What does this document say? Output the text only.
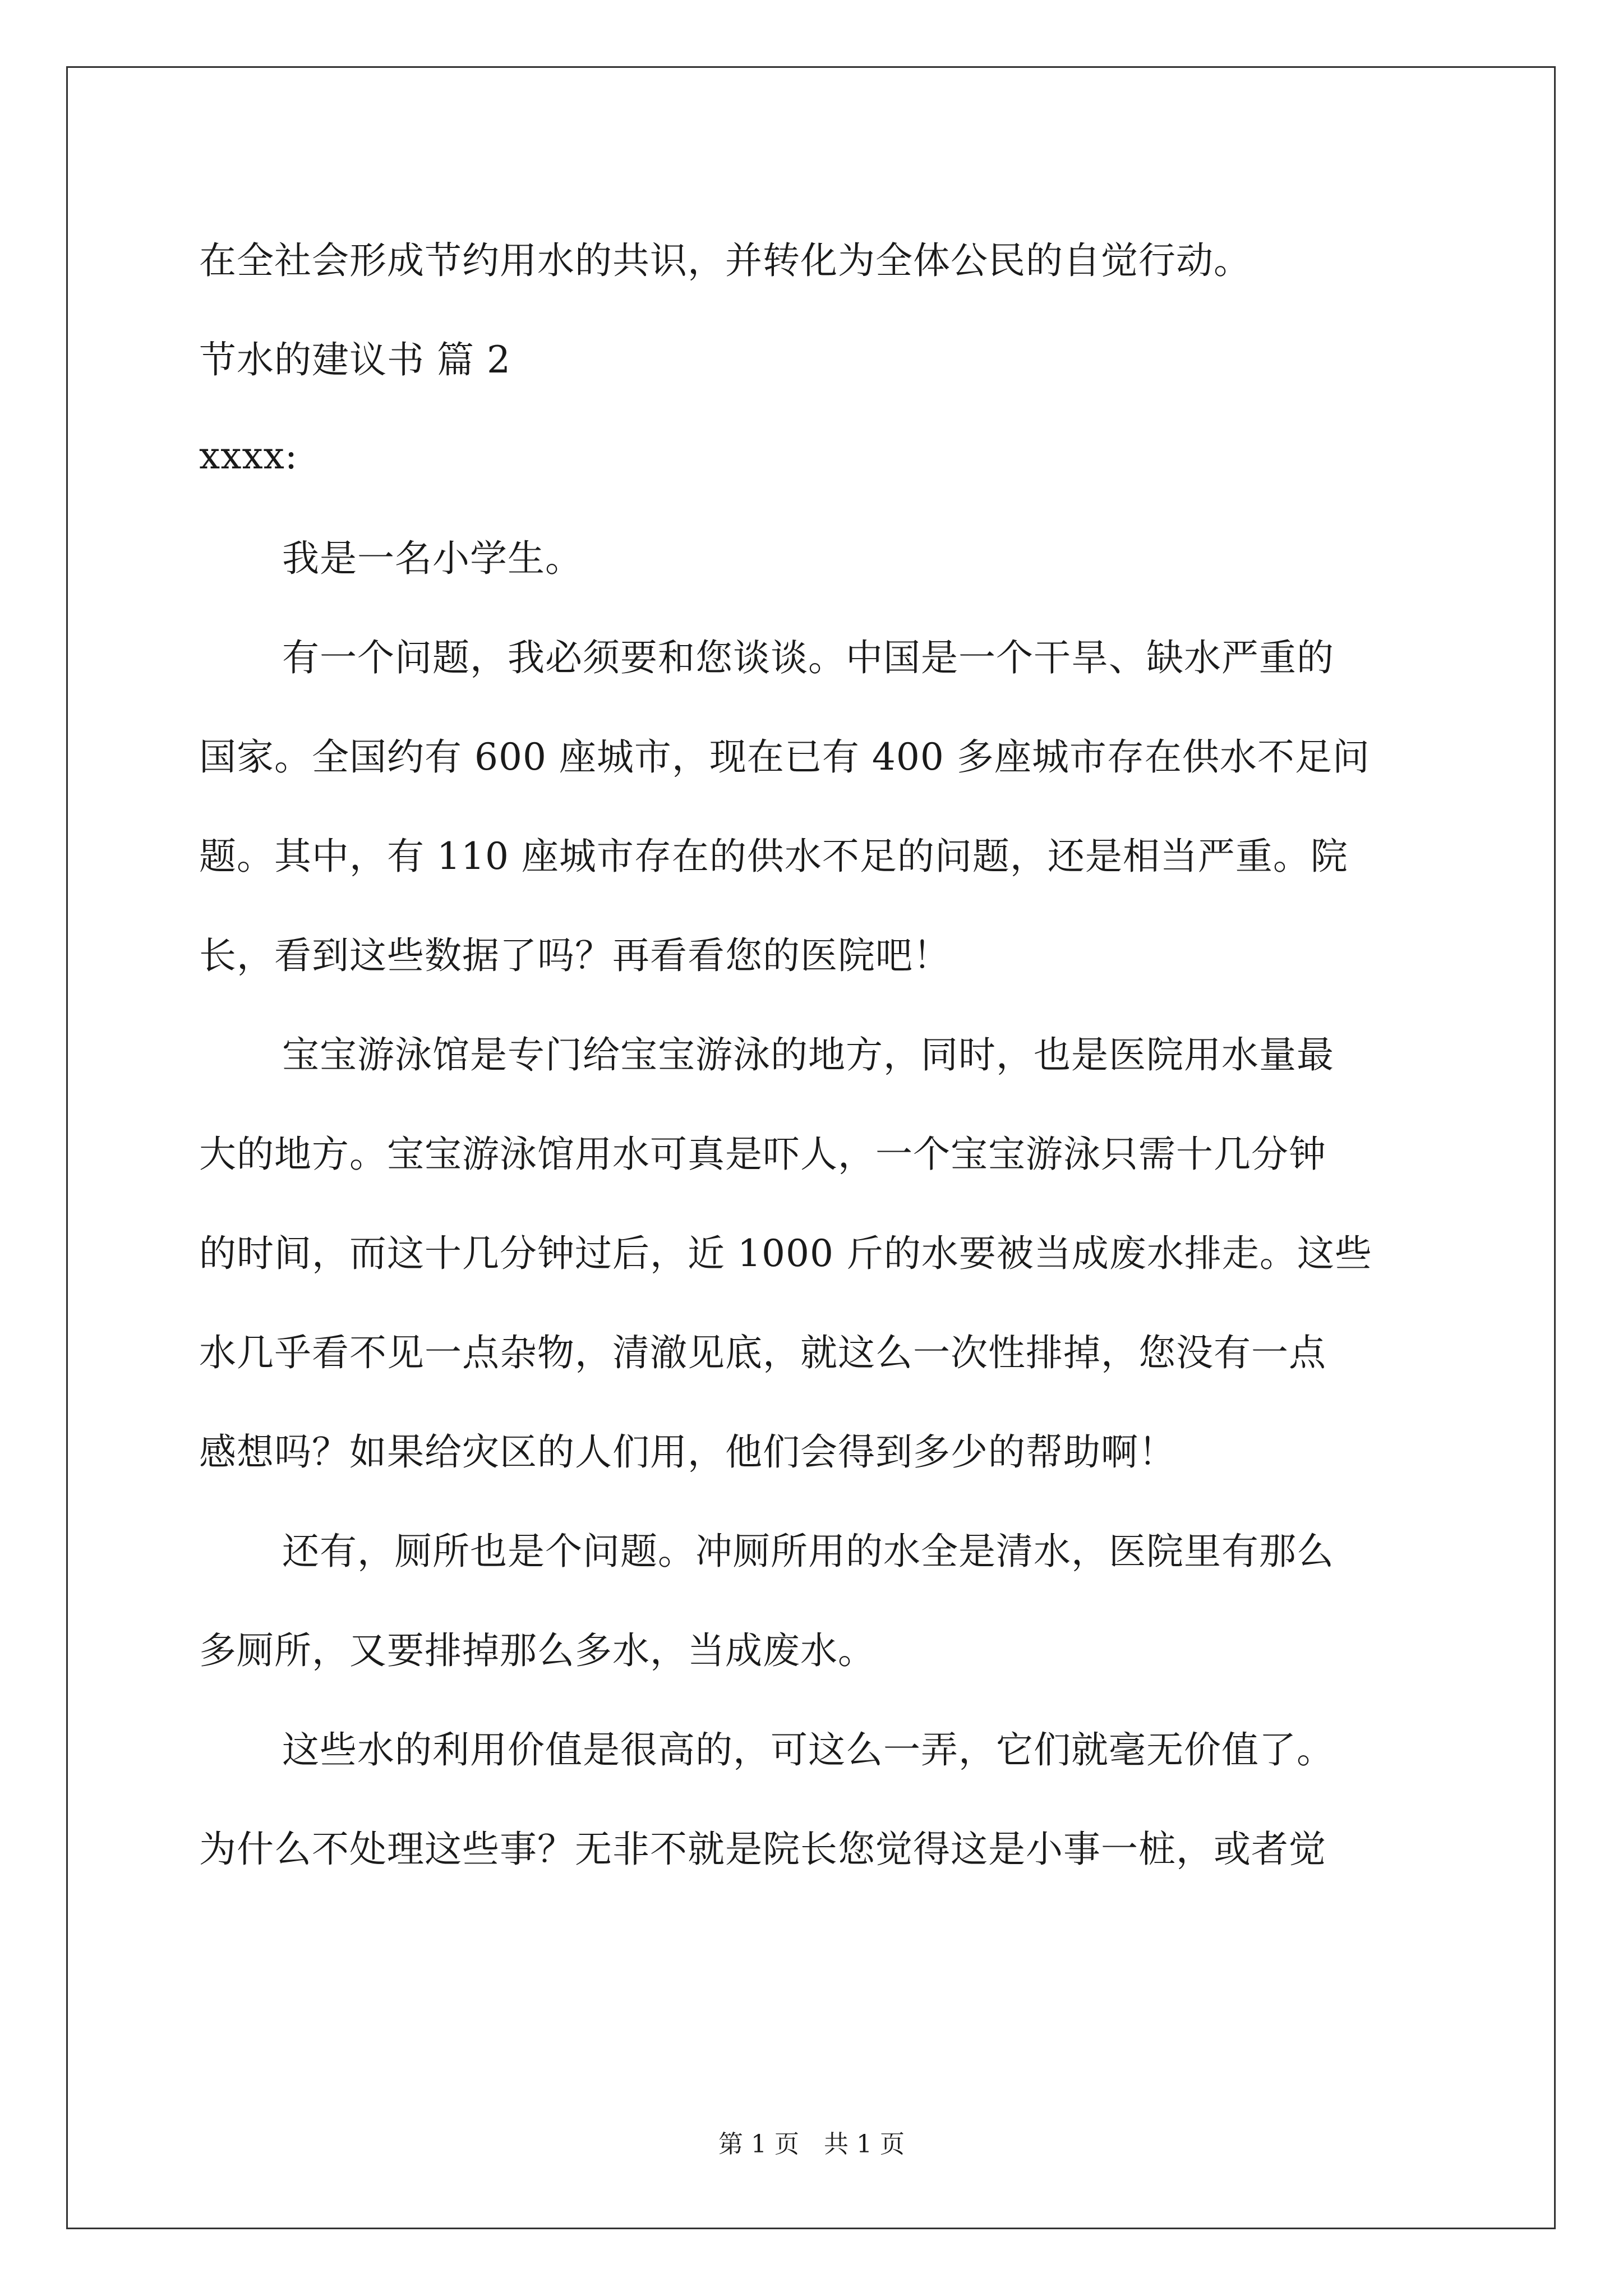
在全社会形成节约用水的共识，并转化为全体公民的自觉行动。
节水的建议书 篇 2
xxxx:
我是一名小学生。
有一个问题，我必须要和您谈谈。中国是一个干旱、缺水严重的
国家。全国约有 600 座城市，现在已有 400 多座城市存在供水不足问
题。其中，有 110 座城市存在的供水不足的问题，还是相当严重。院
长，看到这些数据了吗？再看看您的医院吧！
宝宝游泳馆是专门给宝宝游泳的地方，同时，也是医院用水量最
大的地方。宝宝游泳馆用水可真是吓人，一个宝宝游泳只需十几分钟
的时间，而这十几分钟过后，近 1000 斤的水要被当成废水排走。这些
水几乎看不见一点杂物，清澈见底，就这么一次性排掉，您没有一点
感想吗？如果给灾区的人们用，他们会得到多少的帮助啊！
还有，厕所也是个问题。冲厕所用的水全是清水，医院里有那么
多厕所，又要排掉那么多水，当成废水。
这些水的利用价值是很高的，可这么一弄，它们就毫无价值了。
为什么不处理这些事？无非不就是院长您觉得这是小事一桩，或者觉
第 1 页　共 1 页
